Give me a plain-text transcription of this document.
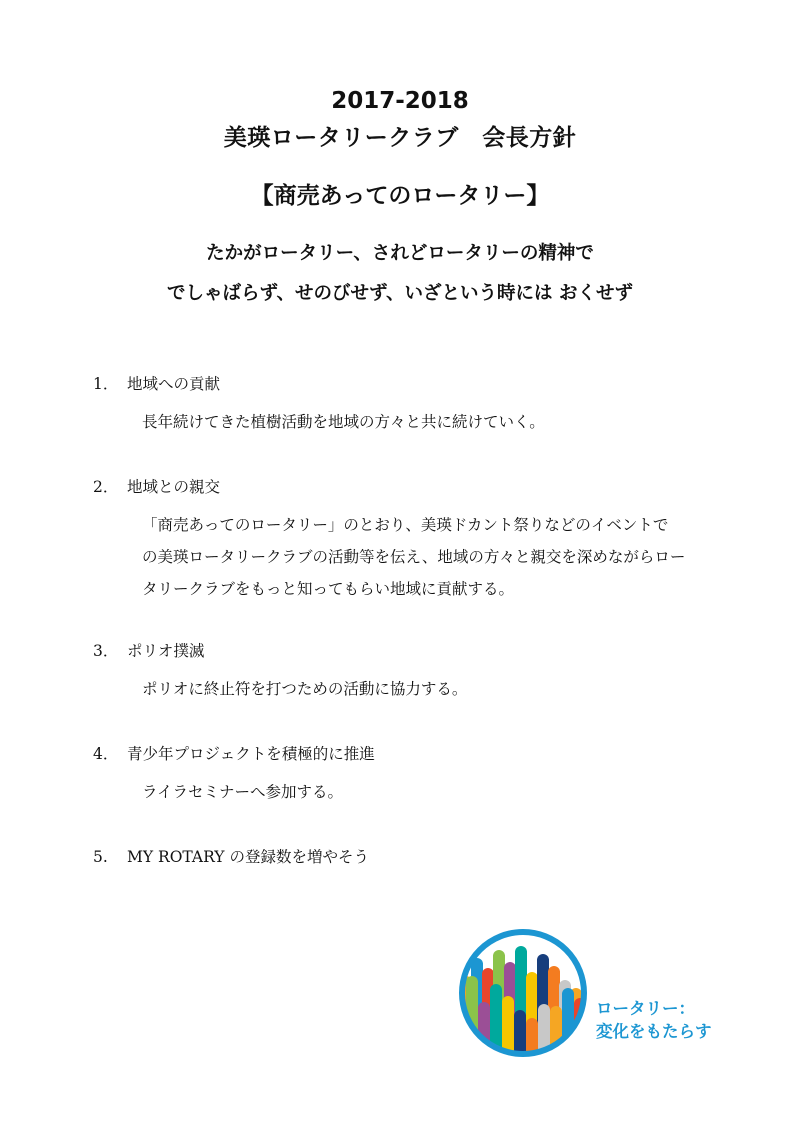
2017-2018
美瑛ロータリークラブ　会長方針
【商売あってのロータリー】
たかがロータリー、されどロータリーの精神で
でしゃばらず、せのびせず、いざという時には おくせず
1． 地域への貢献
長年続けてきた植樹活動を地域の方々と共に続けていく。
2． 地域との親交
「商売あってのロータリー」のとおり、美瑛ドカント祭りなどのイベントで
の美瑛ロータリークラブの活動等を伝え、地域の方々と親交を深めながらロー
タリークラブをもっと知ってもらい地域に貢献する。
3． ポリオ撲滅
ポリオに終止符を打つための活動に協力する。
4． 青少年プロジェクトを積極的に推進
ライラセミナーへ参加する。
5.	MY ROTARY の登録数を増やそう
ロータリー：
変化をもたらす
